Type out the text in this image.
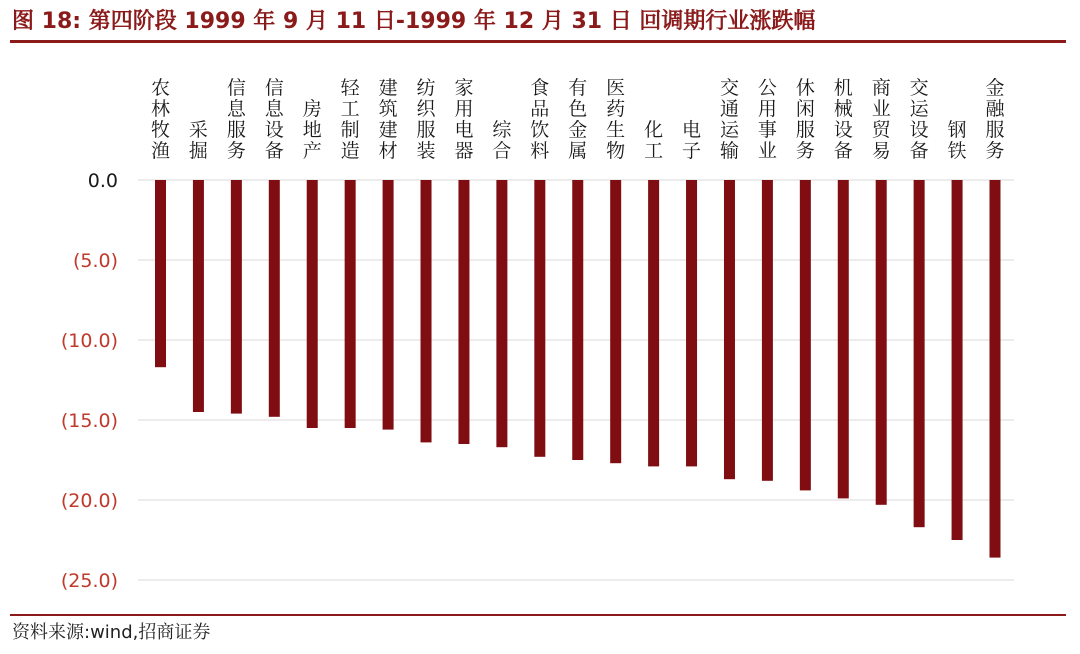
图 18: 第四阶段 1999 年 9 月 11 日-1999 年 12 月 31 日 回调期行业涨跌幅
0.0
(5.0)
(10.0)
(15.0)
(20.0)
(25.0)
农林牧渔
采掘
信息服务
信息设备
房地产
轻工制造
建筑建材
纺织服装
家用电器
综合
食品饮料
有色金属
医药生物
化工
电子
交通运输
公用事业
休闲服务
机械设备
商业贸易
交运设备
钢铁
金融服务
资料来源:wind,招商证券
